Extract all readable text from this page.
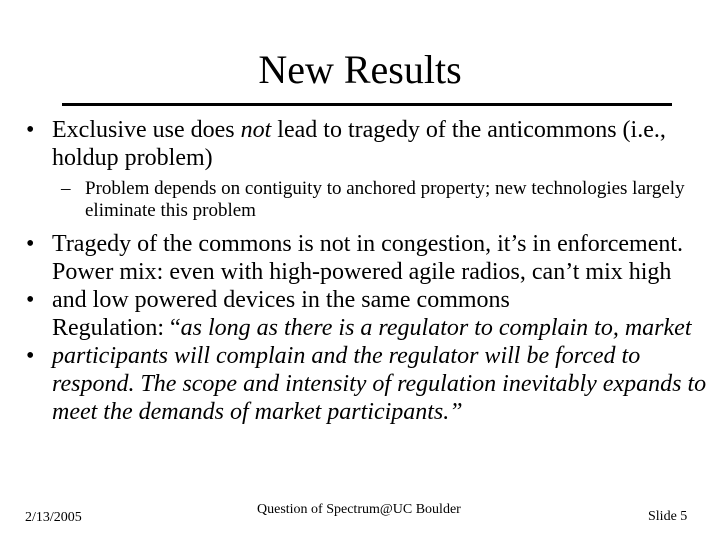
New Results
• Exclusive use does not lead to tragedy of the anticommons (i.e., holdup problem)
– Problem depends on contiguity to anchored property; new technologies largely eliminate this problem
Tragedy of the commons is not in congestion, it’s in enforcement.
Power mix: even with high-powered agile radios, can’t mix high and low powered devices in the same commons
Regulation: “as long as there is a regulator to complain to, market participants will complain and the regulator will be forced to respond. The scope and intensity of regulation inevitably expands to meet the demands of market participants.”
•
•
•
2/13/2005
Question of Spectrum@UC Boulder	Slide 5
